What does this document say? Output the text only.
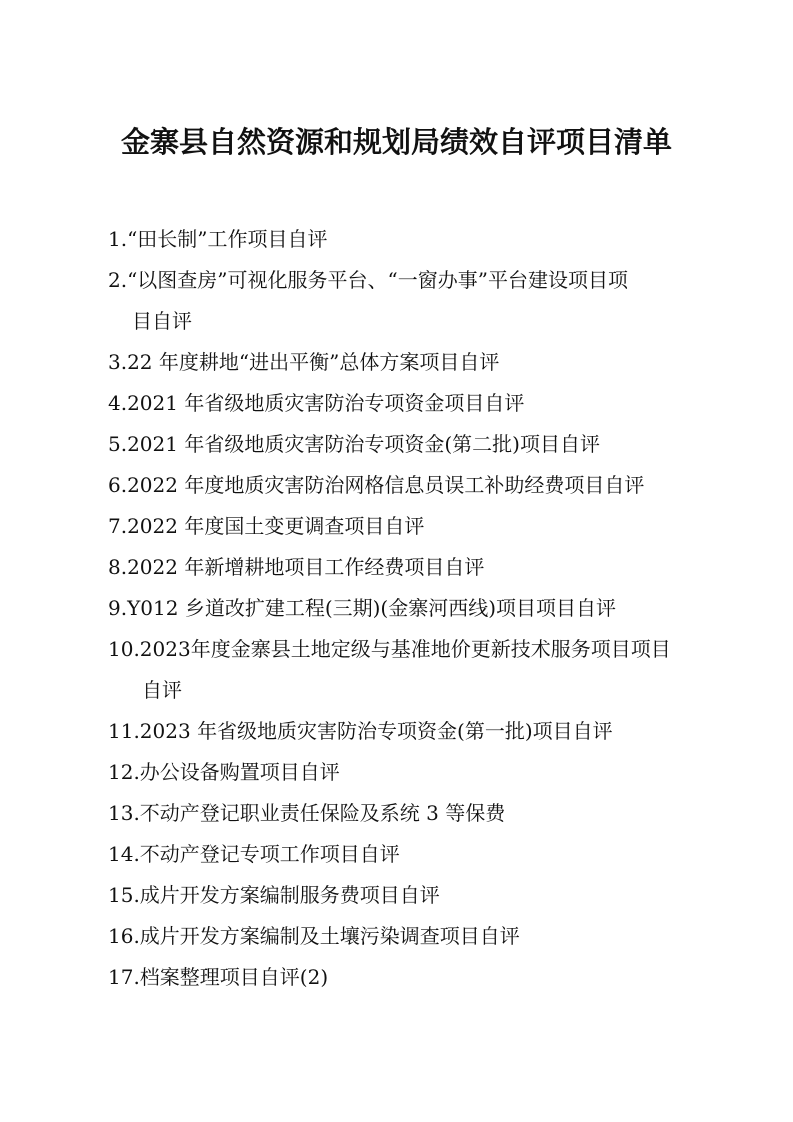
金寨县自然资源和规划局绩效自评项目清单
1.“田长制”工作项目自评
2.“以图查房”可视化服务平台、“一窗办事”平台建设项目项
目自评
3.22 年度耕地“进出平衡”总体方案项目自评
4.2021 年省级地质灾害防治专项资金项目自评
5.2021 年省级地质灾害防治专项资金(第二批)项目自评
6.2022 年度地质灾害防治网格信息员误工补助经费项目自评
7.2022 年度国土变更调查项目自评
8.2022 年新增耕地项目工作经费项目自评
9.Y012 乡道改扩建工程(三期)(金寨河西线)项目项目自评
10.2023年度金寨县土地定级与基准地价更新技术服务项目项目
自评
11.2023 年省级地质灾害防治专项资金(第一批)项目自评
12.办公设备购置项目自评
13.不动产登记职业责任保险及系统 3 等保费
14.不动产登记专项工作项目自评
15.成片开发方案编制服务费项目自评
16.成片开发方案编制及土壤污染调查项目自评
17.档案整理项目自评(2)
